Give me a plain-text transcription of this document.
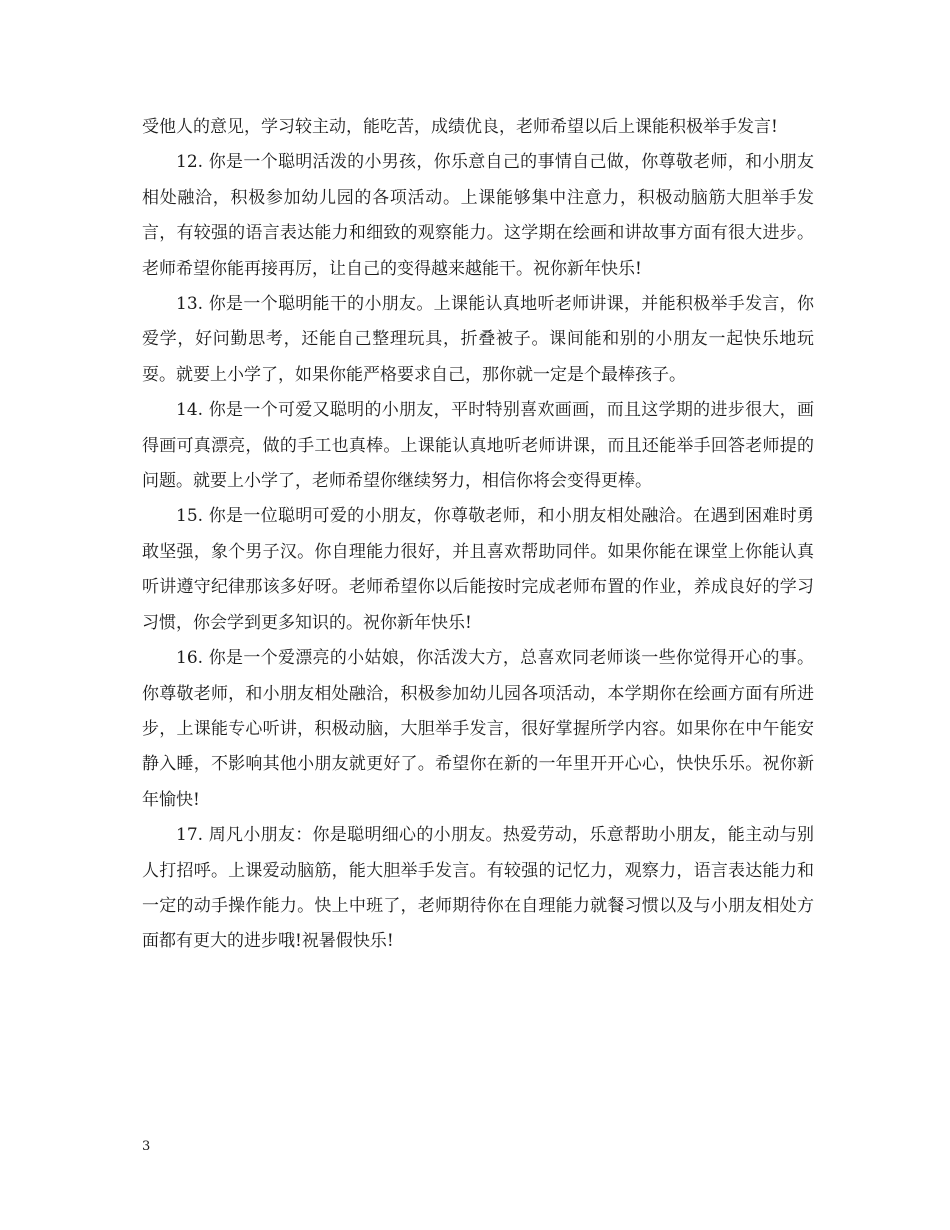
受他人的意见，学习较主动，能吃苦，成绩优良，老师希望以后上课能积极举手发言!

12. 你是一个聪明活泼的小男孩，你乐意自己的事情自己做，你尊敬老师，和小朋友相处融洽，积极参加幼儿园的各项活动。上课能够集中注意力，积极动脑筋大胆举手发言，有较强的语言表达能力和细致的观察能力。这学期在绘画和讲故事方面有很大进步。老师希望你能再接再厉，让自己的变得越来越能干。祝你新年快乐!

13. 你是一个聪明能干的小朋友。上课能认真地听老师讲课，并能积极举手发言，你爱学，好问勤思考，还能自己整理玩具，折叠被子。课间能和别的小朋友一起快乐地玩耍。就要上小学了，如果你能严格要求自己，那你就一定是个最棒孩子。

14. 你是一个可爱又聪明的小朋友，平时特别喜欢画画，而且这学期的进步很大，画得画可真漂亮，做的手工也真棒。上课能认真地听老师讲课，而且还能举手回答老师提的问题。就要上小学了，老师希望你继续努力，相信你将会变得更棒。

15. 你是一位聪明可爱的小朋友，你尊敬老师，和小朋友相处融洽。在遇到困难时勇敢坚强，象个男子汉。你自理能力很好，并且喜欢帮助同伴。如果你能在课堂上你能认真听讲遵守纪律那该多好呀。老师希望你以后能按时完成老师布置的作业，养成良好的学习习惯，你会学到更多知识的。祝你新年快乐!

16. 你是一个爱漂亮的小姑娘，你活泼大方，总喜欢同老师谈一些你觉得开心的事。你尊敬老师，和小朋友相处融洽，积极参加幼儿园各项活动，本学期你在绘画方面有所进步，上课能专心听讲，积极动脑，大胆举手发言，很好掌握所学内容。如果你在中午能安静入睡，不影响其他小朋友就更好了。希望你在新的一年里开开心心，快快乐乐。祝你新年愉快!

17. 周凡小朋友：你是聪明细心的小朋友。热爱劳动，乐意帮助小朋友，能主动与别人打招呼。上课爱动脑筋，能大胆举手发言。有较强的记忆力，观察力，语言表达能力和一定的动手操作能力。快上中班了，老师期待你在自理能力就餐习惯以及与小朋友相处方面都有更大的进步哦!祝暑假快乐!

3
